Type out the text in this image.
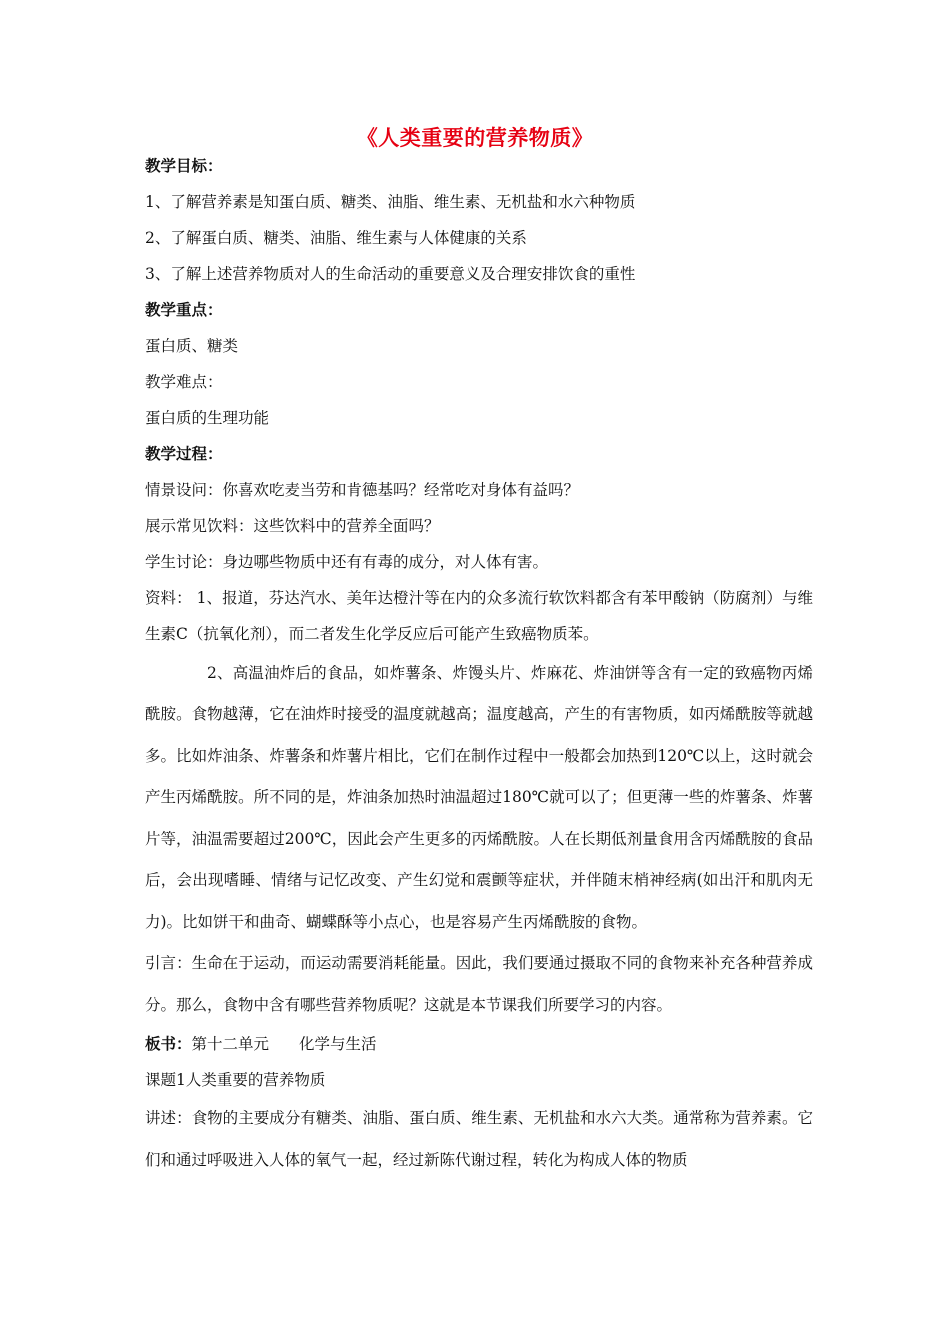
《人类重要的营养物质》
教学目标：
1、了解营养素是知蛋白质、糖类、油脂、维生素、无机盐和水六种物质
2、了解蛋白质、糖类、油脂、维生素与人体健康的关系
3、了解上述营养物质对人的生命活动的重要意义及合理安排饮食的重性
教学重点：
蛋白质、糖类
教学难点：
蛋白质的生理功能
教学过程：
情景设问：你喜欢吃麦当劳和肯德基吗？经常吃对身体有益吗？
展示常见饮料：这些饮料中的营养全面吗？
学生讨论：身边哪些物质中还有有毒的成分，对人体有害。
资料： 1、报道，芬达汽水、美年达橙汁等在内的众多流行软饮料都含有苯甲酸钠（防腐剂）与维生素C（抗氧化剂），而二者发生化学反应后可能产生致癌物质苯。
2、高温油炸后的食品，如炸薯条、炸馒头片、炸麻花、炸油饼等含有一定的致癌物丙烯酰胺。食物越薄，它在油炸时接受的温度就越高；温度越高，产生的有害物质，如丙烯酰胺等就越多。比如炸油条、炸薯条和炸薯片相比，它们在制作过程中一般都会加热到120℃以上，这时就会产生丙烯酰胺。所不同的是，炸油条加热时油温超过180℃就可以了；但更薄一些的炸薯条、炸薯片等，油温需要超过200℃，因此会产生更多的丙烯酰胺。人在长期低剂量食用含丙烯酰胺的食品后，会出现嗜睡、情绪与记忆改变、产生幻觉和震颤等症状，并伴随末梢神经病(如出汗和肌肉无力)。比如饼干和曲奇、蝴蝶酥等小点心，也是容易产生丙烯酰胺的食物。
引言：生命在于运动，而运动需要消耗能量。因此，我们要通过摄取不同的食物来补充各种营养成分。那么，食物中含有哪些营养物质呢？这就是本节课我们所要学习的内容。
板书：第十二单元 化学与生活
课题1人类重要的营养物质
讲述：食物的主要成分有糖类、油脂、蛋白质、维生素、无机盐和水六大类。通常称为营养素。它们和通过呼吸进入人体的氧气一起，经过新陈代谢过程，转化为构成人体的物质
